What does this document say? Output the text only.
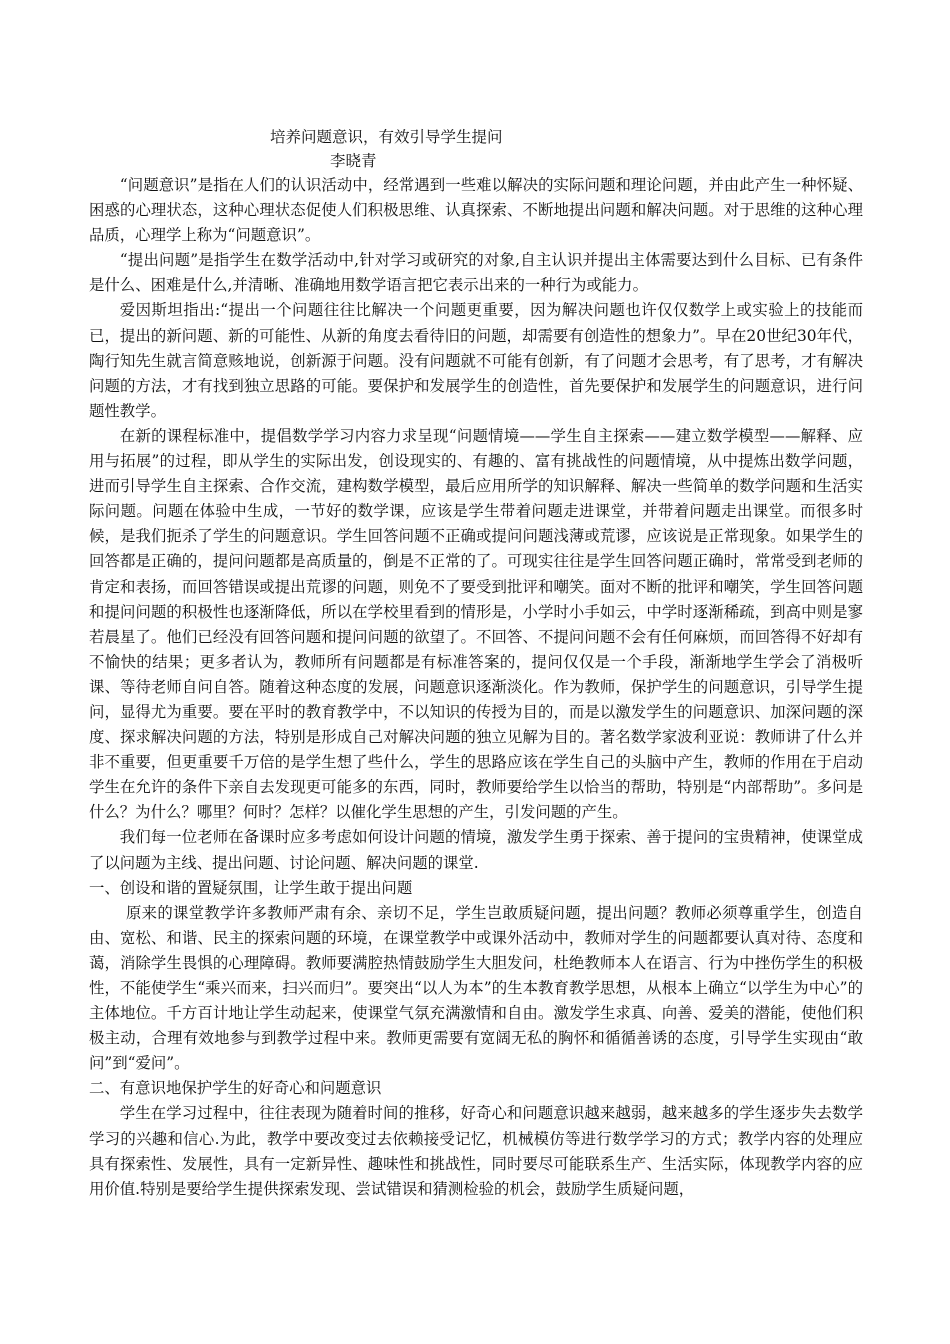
培养问题意识，有效引导学生提问
李晓青

“问题意识”是指在人们的认识活动中，经常遇到一些难以解决的实际问题和理论问题，并由此产生一种怀疑、困惑的心理状态，这种心理状态促使人们积极思维、认真探索、不断地提出问题和解决问题。对于思维的这种心理品质，心理学上称为“问题意识”。

“提出问题”是指学生在数学活动中,针对学习或研究的对象,自主认识并提出主体需要达到什么目标、已有条件是什么、困难是什么,并清晰、准确地用数学语言把它表示出来的一种行为或能力。

爱因斯坦指出:“提出一个问题往往比解决一个问题更重要，因为解决问题也许仅仅数学上或实验上的技能而已，提出的新问题、新的可能性、从新的角度去看待旧的问题，却需要有创造性的想象力”。早在20世纪30年代，陶行知先生就言简意赅地说，创新源于问题。没有问题就不可能有创新，有了问题才会思考，有了思考，才有解决问题的方法，才有找到独立思路的可能。要保护和发展学生的创造性，首先要保护和发展学生的问题意识，进行问题性教学。

在新的课程标准中，提倡数学学习内容力求呈现“问题情境——学生自主探索——建立数学模型——解释、应用与拓展”的过程，即从学生的实际出发，创设现实的、有趣的、富有挑战性的问题情境，从中提炼出数学问题，进而引导学生自主探索、合作交流，建构数学模型，最后应用所学的知识解释、解决一些简单的数学问题和生活实际问题。问题在体验中生成，一节好的数学课，应该是学生带着问题走进课堂，并带着问题走出课堂。而很多时候，是我们扼杀了学生的问题意识。学生回答问题不正确或提问问题浅薄或荒谬，应该说是正常现象。如果学生的回答都是正确的，提问问题都是高质量的，倒是不正常的了。可现实往往是学生回答问题正确时，常常受到老师的肯定和表扬，而回答错误或提出荒谬的问题，则免不了要受到批评和嘲笑。面对不断的批评和嘲笑，学生回答问题和提问问题的积极性也逐渐降低，所以在学校里看到的情形是，小学时小手如云，中学时逐渐稀疏，到高中则是寥若晨星了。他们已经没有回答问题和提问问题的欲望了。不回答、不提问问题不会有任何麻烦，而回答得不好却有不愉快的结果；更多者认为，教师所有问题都是有标准答案的，提问仅仅是一个手段，渐渐地学生学会了消极听课、等待老师自问自答。随着这种态度的发展，问题意识逐渐淡化。作为教师，保护学生的问题意识，引导学生提问，显得尤为重要。要在平时的教育教学中，不以知识的传授为目的，而是以激发学生的问题意识、加深问题的深度、探求解决问题的方法，特别是形成自己对解决问题的独立见解为目的。著名数学家波利亚说：教师讲了什么并非不重要，但更重要千万倍的是学生想了些什么，学生的思路应该在学生自己的头脑中产生，教师的作用在于启动学生在允许的条件下亲自去发现更可能多的东西，同时，教师要给学生以恰当的帮助，特别是“内部帮助”。多问是什么？为什么？哪里？何时？怎样？以催化学生思想的产生，引发问题的产生。

我们每一位老师在备课时应多考虑如何设计问题的情境，激发学生勇于探索、善于提问的宝贵精神，使课堂成了以问题为主线、提出问题、讨论问题、解决问题的课堂.

一、创设和谐的置疑氛围，让学生敢于提出问题

原来的课堂教学许多教师严肃有余、亲切不足，学生岂敢质疑问题，提出问题？教师必须尊重学生，创造自由、宽松、和谐、民主的探索问题的环境，在课堂教学中或课外活动中，教师对学生的问题都要认真对待、态度和蔼，消除学生畏惧的心理障碍。教师要满腔热情鼓励学生大胆发问，杜绝教师本人在语言、行为中挫伤学生的积极性，不能使学生“乘兴而来，扫兴而归”。要突出“以人为本”的生本教育教学思想，从根本上确立“以学生为中心”的主体地位。千方百计地让学生动起来，使课堂气氛充满激情和自由。激发学生求真、向善、爱美的潜能，使他们积极主动，合理有效地参与到教学过程中来。教师更需要有宽阔无私的胸怀和循循善诱的态度，引导学生实现由“敢问”到“爱问”。

二、有意识地保护学生的好奇心和问题意识

学生在学习过程中，往往表现为随着时间的推移，好奇心和问题意识越来越弱，越来越多的学生逐步失去数学学习的兴趣和信心.为此，教学中要改变过去依赖接受记忆，机械模仿等进行数学学习的方式；教学内容的处理应具有探索性、发展性，具有一定新异性、趣味性和挑战性，同时要尽可能联系生产、生活实际，体现教学内容的应用价值.特别是要给学生提供探索发现、尝试错误和猜测检验的机会，鼓励学生质疑问题，
